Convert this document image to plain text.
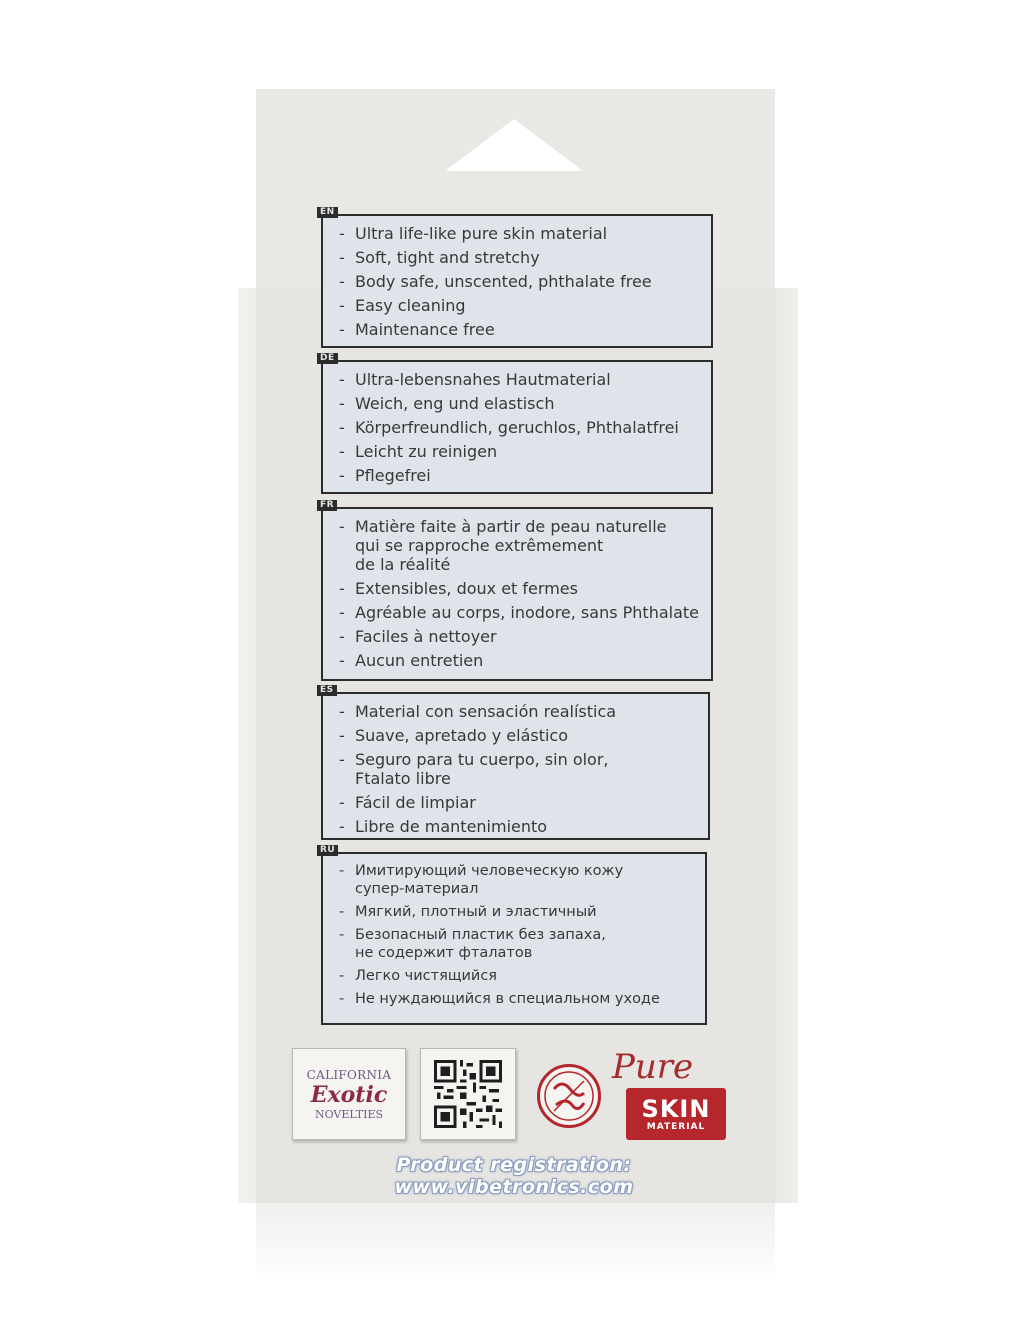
EN
- Ultra life-like pure skin material
- Soft, tight and stretchy
- Body safe, unscented, phthalate free
- Easy cleaning
- Maintenance free
DE
- Ultra-lebensnahes Hautmaterial
- Weich, eng und elastisch
- Körperfreundlich, geruchlos, Phthalatfrei
- Leicht zu reinigen
- Pflegefrei
FR
- Matière faite à partir de peau naturelle
qui se rapproche extrêmement
de la réalité
- Extensibles, doux et fermes
- Agréable au corps, inodore, sans Phthalate
- Faciles à nettoyer
- Aucun entretien
ES
- Material con sensación realística
- Suave, apretado y elástico
- Seguro para tu cuerpo, sin olor,
Ftalato libre
- Fácil de limpiar
- Libre de mantenimiento
RU
- Имитирующий человеческую кожу
супер-материал
- Мягкий, плотный и эластичный
- Безопасный пластик без запаха,
не содержит фталатов
- Легко чистящийся
- Не нуждающийся в специальном уходе
CALIFORNIA
Exotic
NOVELTIES
Pure
SKIN
MATERIAL
Product registration: www.vibetronics.com
